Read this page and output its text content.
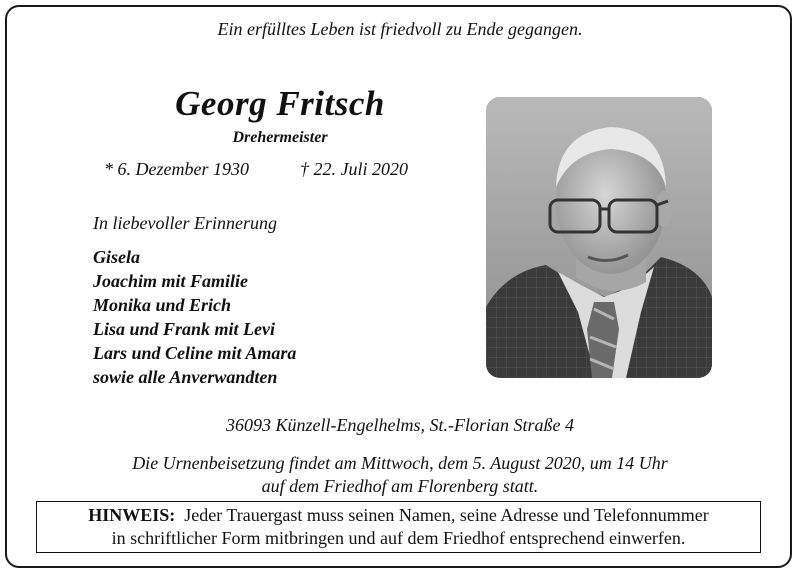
Ein erfülltes Leben ist friedvoll zu Ende gegangen.
Georg Fritsch
Drehermeister
* 6. Dezember 1930	† 22. Juli 2020
In liebevoller Erinnerung
Gisela
Joachim mit Familie
Monika und Erich
Lisa und Frank mit Levi
Lars und Celine mit Amara
sowie alle Anverwandten
36093 Künzell-Engelhelms, St.-Florian Straße 4
Die Urnenbeisetzung findet am Mittwoch, dem 5. August 2020, um 14 Uhr
auf dem Friedhof am Florenberg statt.
HINWEIS: Jeder Trauergast muss seinen Namen, seine Adresse und Telefonnummer
in schriftlicher Form mitbringen und auf dem Friedhof entsprechend einwerfen.
